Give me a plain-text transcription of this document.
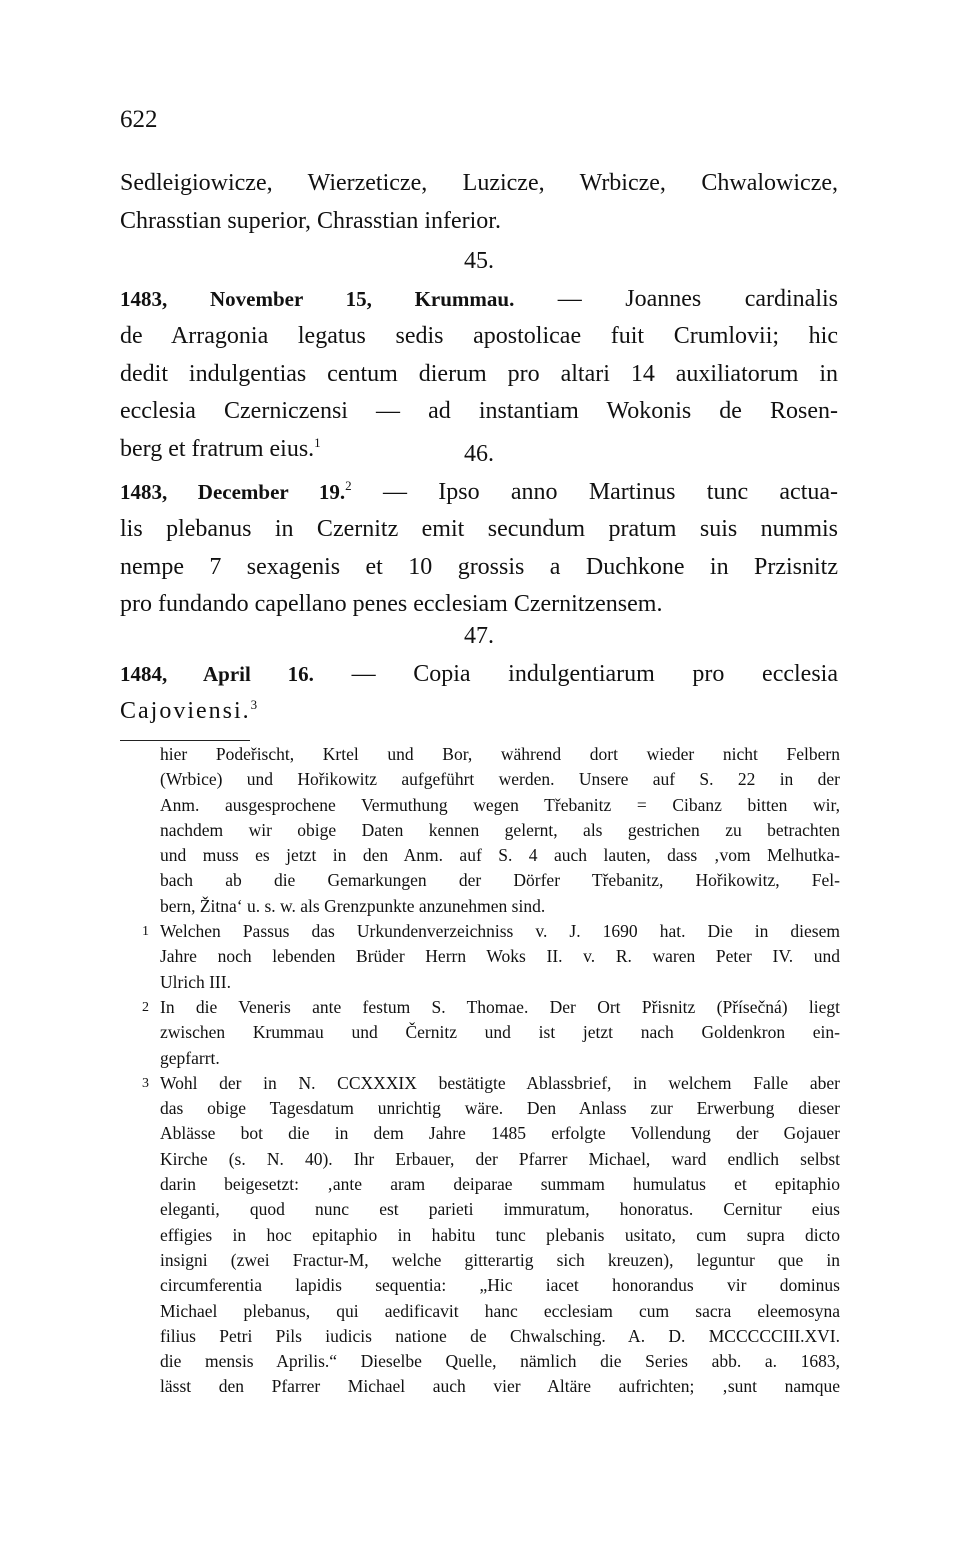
622

Sedleigiowicze, Wierzeticze, Luzicze, Wrbicze, Chwalowicze,

Chrasstian superior, Chrasstian inferior.

45.

1483, November 15, Krummau. — Joannes cardinalis

de Arragonia legatus sedis apostolicae fuit Crumlovii; hic

dedit indulgentias centum dierum pro altari 14 auxiliatorum in

ecclesia Czerniczensi — ad instantiam Wokonis de Rosen-

berg et fratrum eius.$^1$	46.

1483, December 19.$^2$ — Ipso anno Martinus tunc actua-

lis plebanus in Czernitz emit secundum pratum suis nummis

nempe 7 sexagenis et 10 grossis a Duchkone in Przisnitz

pro fundando capellano penes ecclesiam Czernitzensem.

47.

1484, April 16. — Copia indulgentiarum pro ecclesia

Cajoviensi.$^3$

hier Podeřischt, Krtel und Bor, während dort wieder nicht Felbern

(Wrbice) und Hořikowitz aufgeführt werden. Unsere auf S. 22 in der

Anm. ausgesprochene Vermuthung wegen Třebanitz = Cibanz bitten wir,

nachdem wir obige Daten kennen gelernt, als gestrichen zu betrachten

und muss es jetzt in den Anm. auf S. 4 auch lauten, dass ‚vom Melhutka-

bach ab die Gemarkungen der Dörfer Třebanitz, Hořikowitz, Fel-

bern, Žitna‘ u. s. w. als Grenzpunkte anzunehmen sind.

1 Welchen Passus das Urkundenverzeichniss v. J. 1690 hat. Die in diesem

Jahre noch lebenden Brüder Herrn Woks II. v. R. waren Peter IV. und

Ulrich III.

2 In die Veneris ante festum S. Thomae. Der Ort Přisnitz (Přísečná) liegt

zwischen Krummau und Černitz und ist jetzt nach Goldenkron ein-

gepfarrt.

3 Wohl der in N. CCXXXIX bestätigte Ablassbrief, in welchem Falle aber

das obige Tagesdatum unrichtig wäre. Den Anlass zur Erwerbung dieser

Ablässe bot die in dem Jahre 1485 erfolgte Vollendung der Gojauer

Kirche (s. N. 40). Ihr Erbauer, der Pfarrer Michael, ward endlich selbst

darin beigesetzt: ‚ante aram deiparae summam humulatus et epitaphio

eleganti, quod nunc est parieti immuratum, honoratus. Cernitur eius

effigies in hoc epitaphio in habitu tunc plebanis usitato, cum supra dicto

insigni (zwei Fractur-M, welche gitterartig sich kreuzen), leguntur que in

circumferentia lapidis sequentia: „Hic iacet honorandus vir dominus

Michael plebanus, qui aedificavit hanc ecclesiam cum sacra eleemosyna

filius Petri Pils iudicis natione de Chwalsching. A. D. MCCCCCIII.XVI.

die mensis Aprilis.“ Dieselbe Quelle, nämlich die Series abb. a. 1683,

lässt den Pfarrer Michael auch vier Altäre aufrichten; ‚sunt namque
